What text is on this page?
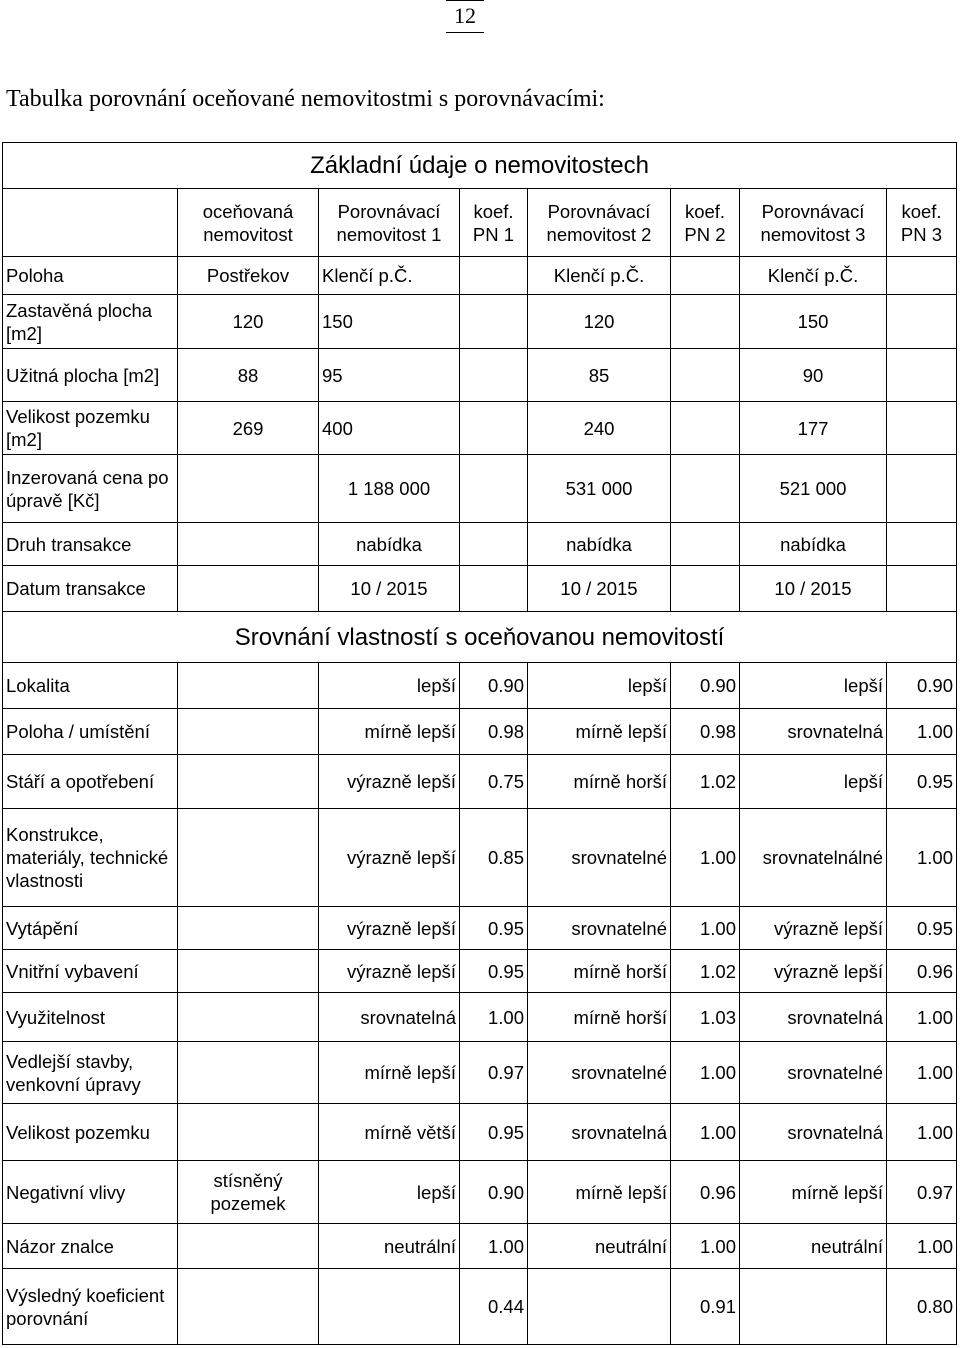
12
Tabulka porovnání oceňované nemovitostmi s porovnávacími:
Základní údaje o nemovitostech							
	oceňovaná nemovitost	Porovnávací nemovitost 1	koef. PN 1	Porovnávací nemovitost 2	koef. PN 2	Porovnávací nemovitost 3	koef. PN 3
Poloha	Postřekov	Klenčí p.Č.		Klenčí p.Č.		Klenčí p.Č.	
Zastavěná plocha [m2]	120	150		120		150	
Užitná plocha [m2]	88	95		85		90	
Velikost pozemku [m2]	269	400		240		177	
Inzerovaná cena po úpravě [Kč]		1 188 000		531 000		521 000	
Druh transakce		nabídka		nabídka		nabídka	
Datum transakce		10 / 2015		10 / 2015		10 / 2015	
Srovnání vlastností s oceňovanou nemovitostí							
Lokalita		lepší	0.90	lepší	0.90	lepší	0.90
Poloha / umístění		mírně lepší	0.98	mírně lepší	0.98	srovnatelná	1.00
Stáří a opotřebení		výrazně lepší	0.75	mírně horší	1.02	lepší	0.95
Konstrukce, materiály, technické vlastnosti		výrazně lepší	0.85	srovnatelné	1.00	srovnatelnálné	1.00
Vytápění		výrazně lepší	0.95	srovnatelné	1.00	výrazně lepší	0.95
Vnitřní vybavení		výrazně lepší	0.95	mírně horší	1.02	výrazně lepší	0.96
Využitelnost		srovnatelná	1.00	mírně horší	1.03	srovnatelná	1.00
Vedlejší stavby, venkovní úpravy		mírně lepší	0.97	srovnatelné	1.00	srovnatelné	1.00
Velikost pozemku		mírně větší	0.95	srovnatelná	1.00	srovnatelná	1.00
Negativní vlivy	stísněný pozemek	lepší	0.90	mírně lepší	0.96	mírně lepší	0.97
Názor znalce		neutrální	1.00	neutrální	1.00	neutrální	1.00
Výsledný koeficient porovnání			0.44		0.91		0.80
